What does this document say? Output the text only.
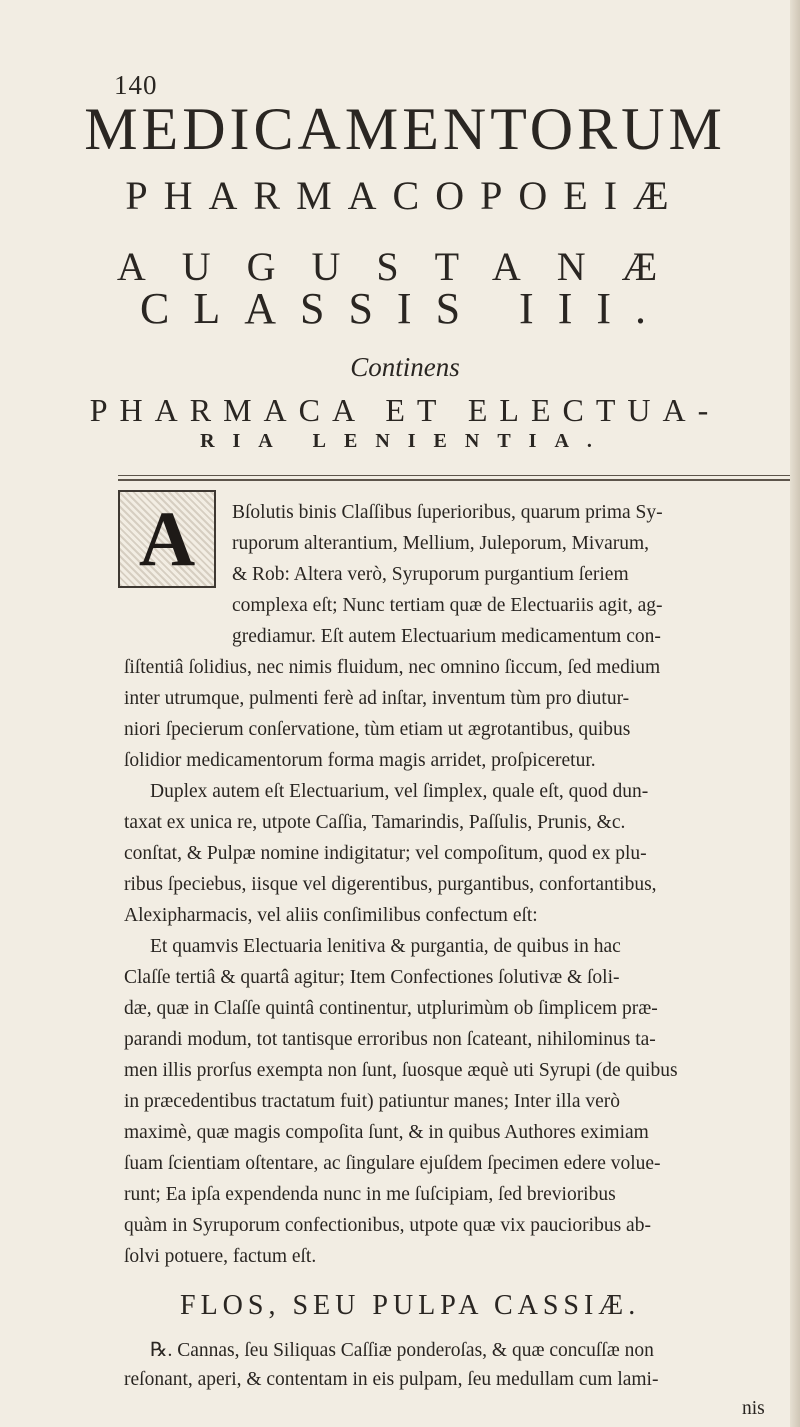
140
MEDICAMENTORUM
PHARMACOPOEIÆ
AUGUSTANÆ
CLASSIS III.
Continens
PHARMACA ET ELECTUA-
RIA LENIENTIA.
A	Bſolutis binis Claſſibus ſuperioribus, quarum prima Sy-
ruporum alterantium, Mellium, Juleporum, Mivarum,
& Rob: Altera verò, Syruporum purgantium ſeriem
complexa eſt; Nunc tertiam quæ de Electuariis agit, ag-
grediamur. Eſt autem Electuarium medicamentum con-
ſiſtentiâ ſolidius, nec nimis fluidum, nec omnino ſiccum, ſed medium
inter utrumque, pulmenti ferè ad inſtar, inventum tùm pro diutur-
niori ſpecierum conſervatione, tùm etiam ut ægrotantibus, quibus
ſolidior medicamentorum forma magis arridet, proſpiceretur.
Duplex autem eſt Electuarium, vel ſimplex, quale eſt, quod dun-
taxat ex unica re, utpote Caſſia, Tamarindis, Paſſulis, Prunis, &c.
conſtat, & Pulpæ nomine indigitatur; vel compoſitum, quod ex plu-
ribus ſpeciebus, iisque vel digerentibus, purgantibus, confortantibus,
Alexipharmacis, vel aliis conſimilibus confectum eſt:
Et quamvis Electuaria lenitiva & purgantia, de quibus in hac
Claſſe tertiâ & quartâ agitur; Item Confectiones ſolutivæ & ſoli-
dæ, quæ in Claſſe quintâ continentur, utplurimùm ob ſimplicem præ-
parandi modum, tot tantisque erroribus non ſcateant, nihilominus ta-
men illis prorſus exempta non ſunt, ſuosque æquè uti Syrupi (de quibus
in præcedentibus tractatum fuit) patiuntur manes; Inter illa verò
maximè, quæ magis compoſita ſunt, & in quibus Authores eximiam
ſuam ſcientiam oſtentare, ac ſingulare ejuſdem ſpecimen edere volue-
runt; Ea ipſa expendenda nunc in me ſuſcipiam, ſed brevioribus
quàm in Syruporum confectionibus, utpote quæ vix paucioribus ab-
ſolvi potuere, factum eſt.
FLOS, SEU PULPA CASSIÆ.
℞. Cannas, ſeu Siliquas Caſſiæ ponderoſas, & quæ concuſſæ non
reſonant, aperi, & contentam in eis pulpam, ſeu medullam cum lami-
nis
